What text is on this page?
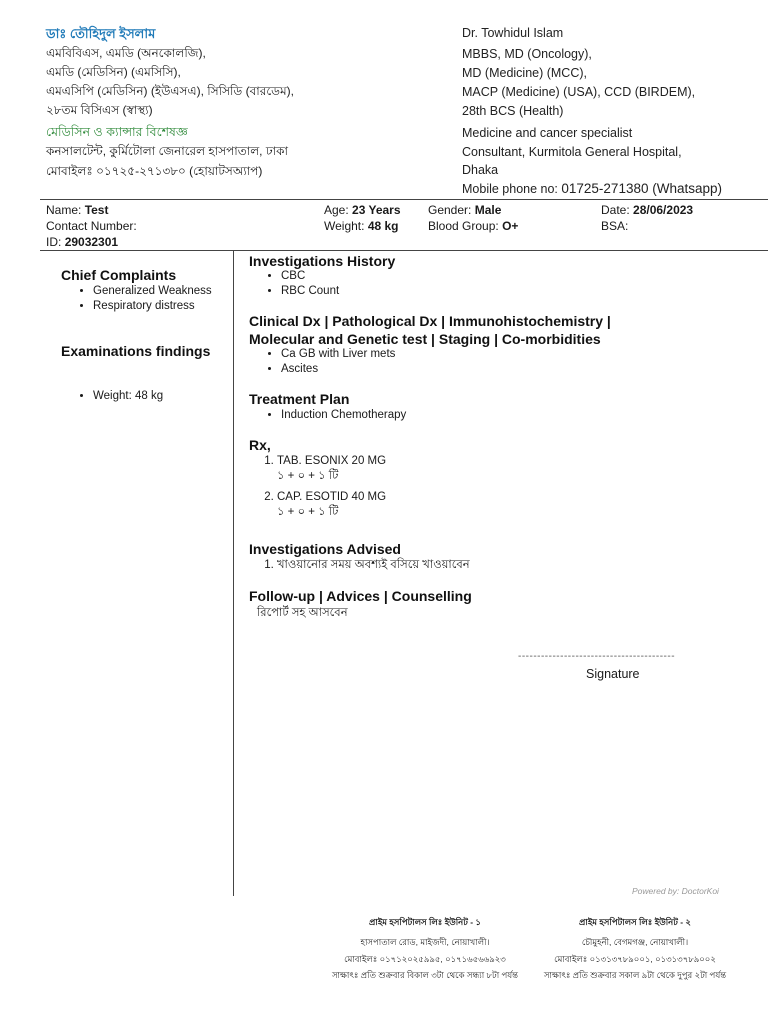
ডাঃ তৌহিদুল ইসলাম
এমবিবিএস, এমডি (অনকোলজি),
এমডি (মেডিসিন) (এমসিসি),
এমএসিপি (মেডিসিন) (ইউএসএ), সিসিডি (বারডেম),
২৮তম বিসিএস (স্বাস্থ্য)
মেডিসিন ও ক্যান্সার বিশেষজ্ঞ
কনসালটেন্ট, কুর্মিটোলা জেনারেল হাসপাতাল, ঢাকা
মোবাইলঃ ০১৭২৫-২৭১৩৮০ (হোয়াটসঅ্যাপ)
Dr. Towhidul Islam
MBBS, MD (Oncology),
MD (Medicine) (MCC),
MACP (Medicine) (USA), CCD (BIRDEM),
28th BCS (Health)
Medicine and cancer specialist
Consultant, Kurmitola General Hospital,
Dhaka
Mobile phone no: 01725-271380 (Whatsapp)
Name: Test
Contact Number:
ID: 29032301
Age: 23 Years
Weight: 48 kg
Gender: Male
Blood Group: O+
Date: 28/06/2023
BSA:
Chief Complaints
• Generalized Weakness
• Respiratory distress
Examinations findings
• Weight: 48 kg
Investigations History
• CBC
• RBC Count
Clinical Dx | Pathological Dx | Immunohistochemistry |
Molecular and Genetic test | Staging | Co-morbidities
• Ca GB with Liver mets
• Ascites
Treatment Plan
• Induction Chemotherapy
Rx,
1. TAB. ESONIX 20 MG
১ + ০ + ১ টি
2. CAP. ESOTID 40 MG
১ + ০ + ১ টি
Investigations Advised
1. খাওয়ানোর সময় অবশ্যই বসিয়ে খাওয়াবেন
Follow-up | Advices | Counselling
রিপোর্ট সহ আসবেন
-----------------------------------------
Signature
Powered by: DoctorKoi
প্রাইম হসপিটালস লিঃ ইউনিট - ১
হাসপাতাল রোড, মাইজদী, নোয়াখালী।
মোবাইলঃ ০১৭১২০২৫৯৯৫, ০১৭১৬৫৬৬৯২৩
সাক্ষাৎঃ প্রতি শুক্রবার বিকাল ৩টা থেকে সন্ধ্যা ৮টা পর্যন্ত
প্রাইম হসপিটালস লিঃ ইউনিট - ২
চৌমুহনী, বেগমগঞ্জ, নোয়াখালী।
মোবাইলঃ ০১৩১৩৭৮৯০০১, ০১৩১৩৭৮৯০০২
সাক্ষাৎঃ প্রতি শুক্রবার সকাল ৯টা থেকে দুপুর ২টা পর্যন্ত
